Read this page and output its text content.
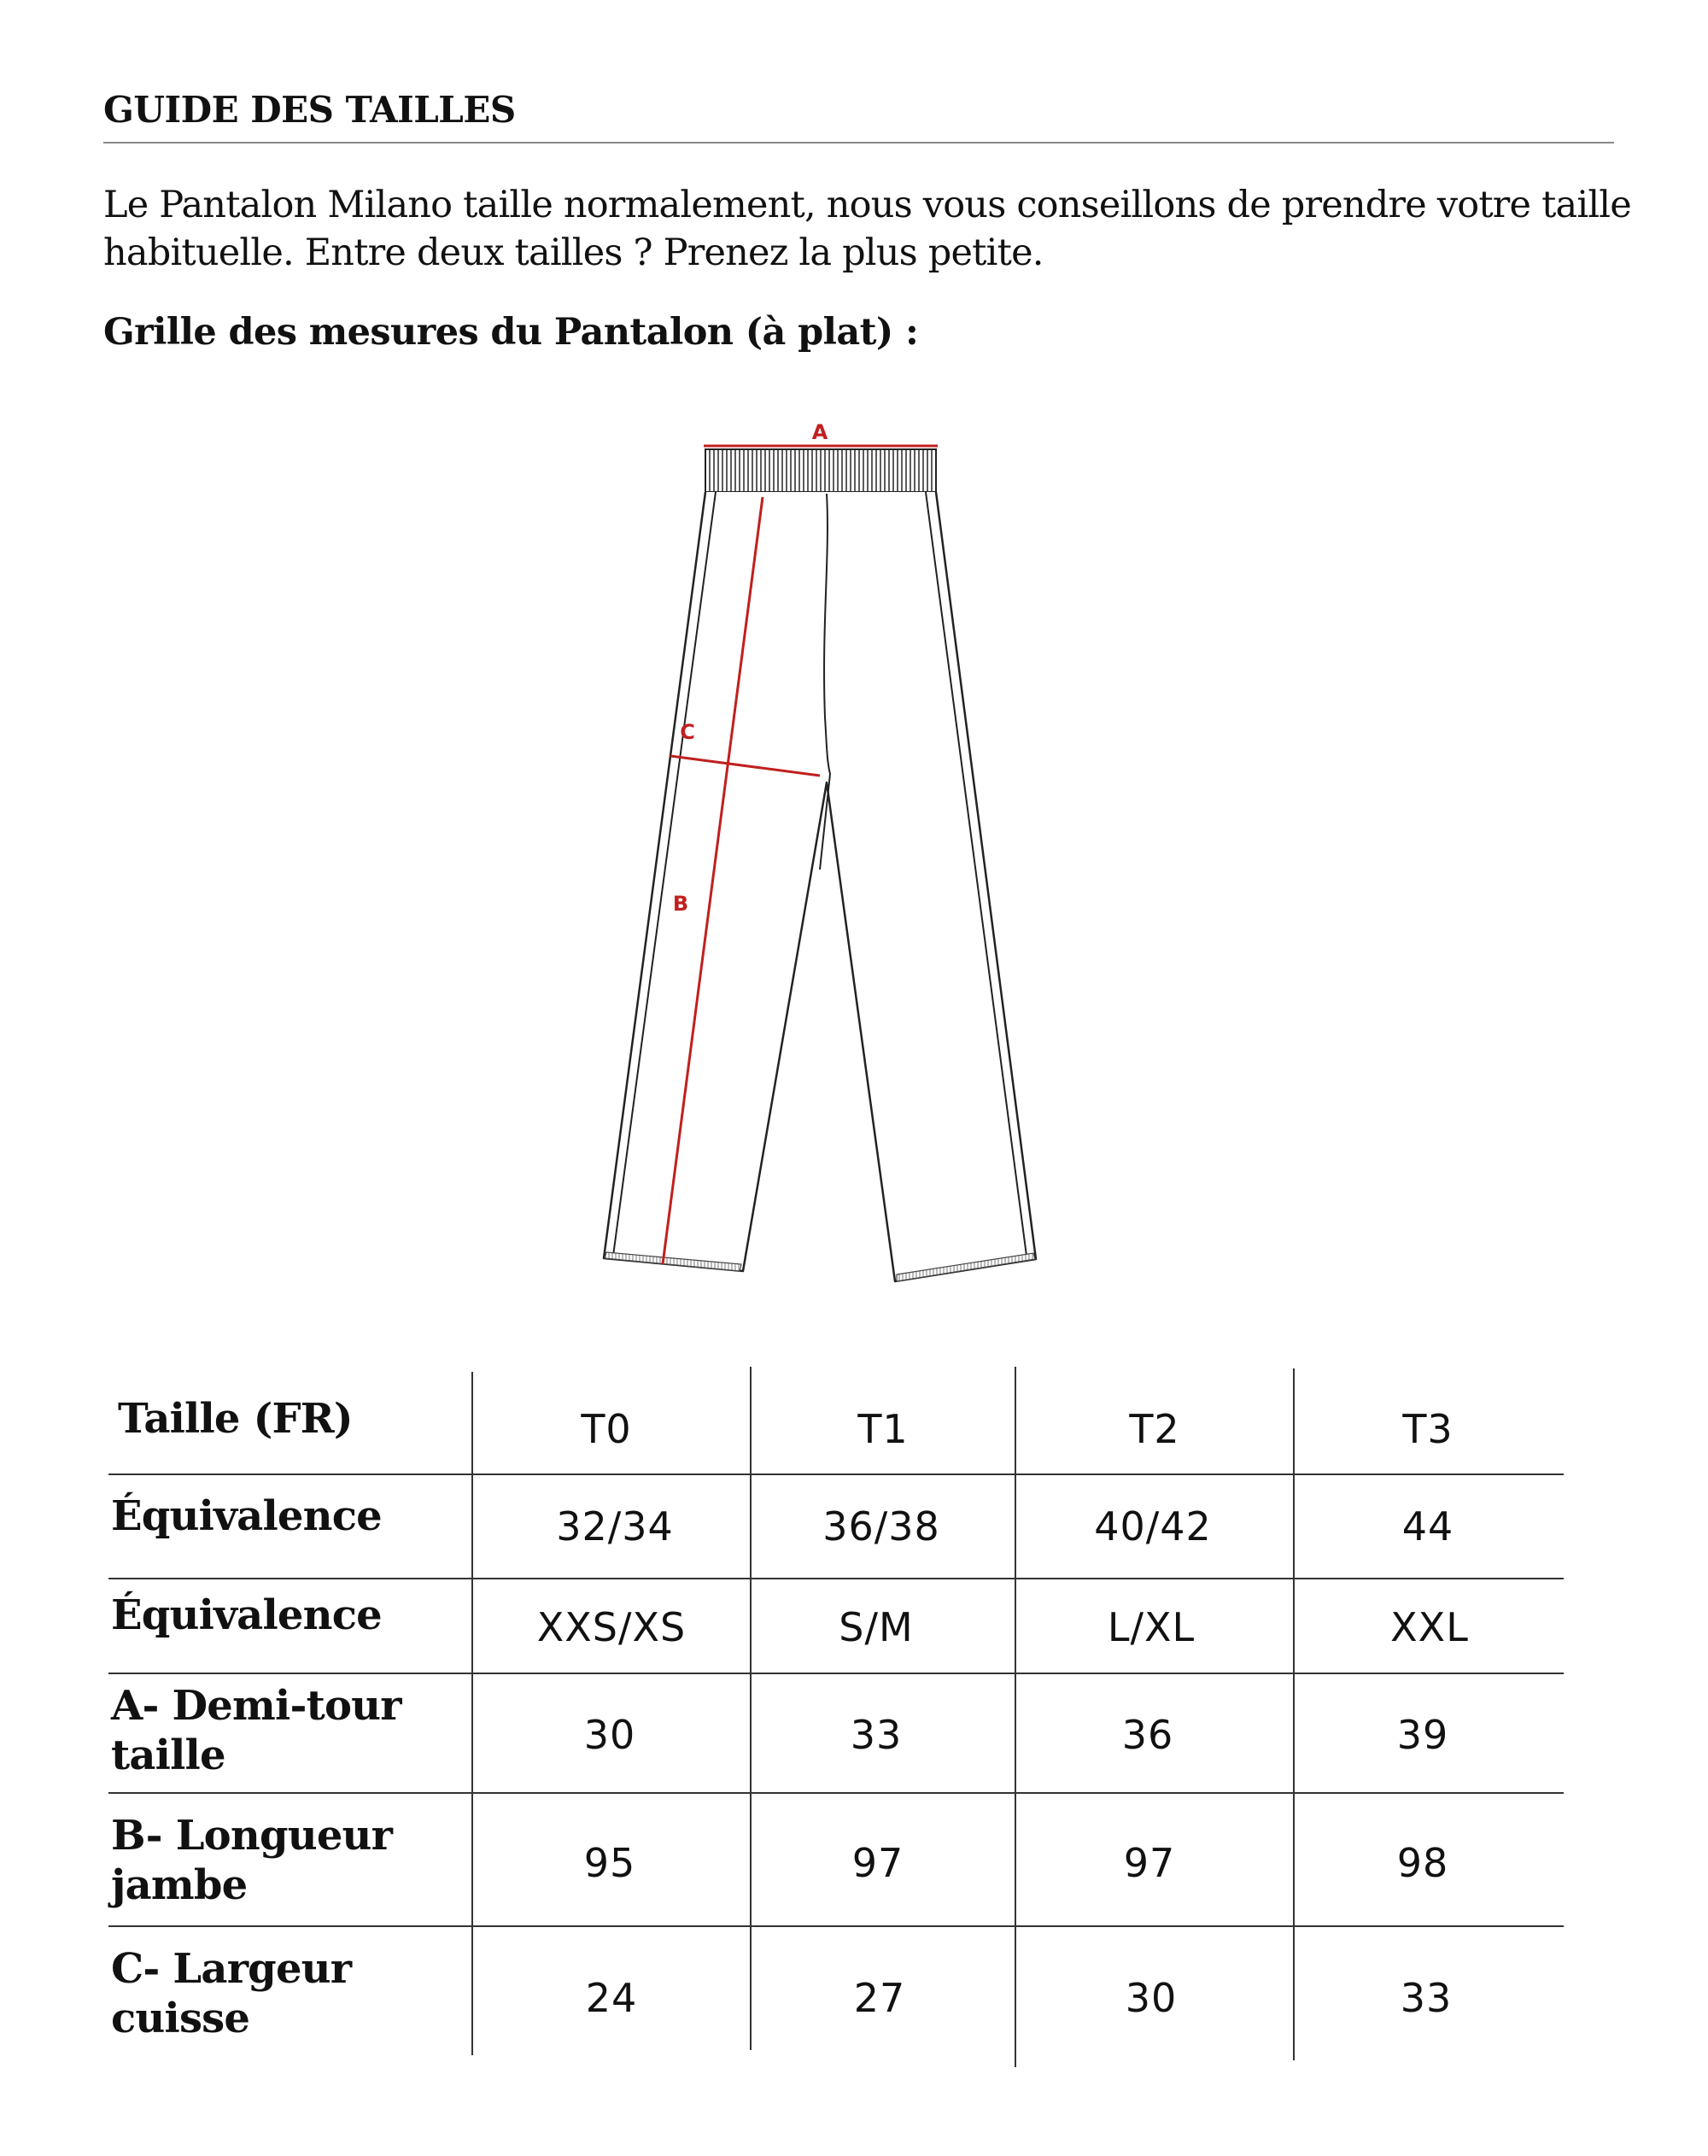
GUIDE DES TAILLES

Le Pantalon Milano taille normalement, nous vous conseillons de prendre votre taille

habituelle. Entre deux tailles ? Prenez la plus petite.

Grille des mesures du Pantalon (à plat) :
A
B
C
Taille (FR)	T0	T1	T2	T3
Équivalence	32/34	36/38	40/42	44
Équivalence	XXS/XS	S/M	L/XL	XXL
A- Demi-tour taille	30	33	36	39
B- Longueur jambe	95	97	97	98
C- Largeur cuisse	24	27	30	33
